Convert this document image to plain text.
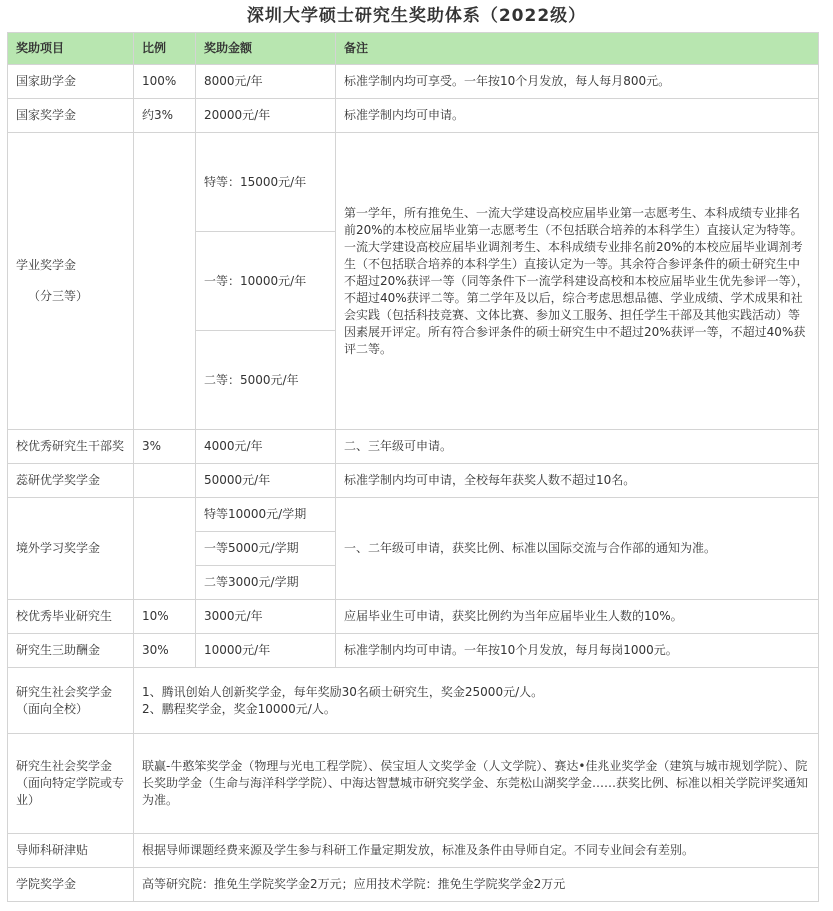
深圳大学硕士研究生奖助体系（2022级）
奖助项目	比例	奖助金额	备注
国家助学金	100%	8000元/年	标准学制内均可享受。一年按10个月发放，每人每月800元。
国家奖学金	约3%	20000元/年	标准学制内均可申请。

学业奖学金
（分三等）		特等：15000元/年	第一学年，所有推免生、一流大学建设高校应届毕业第一志愿考生、本科成绩专业排名前20%的本校应届毕业第一志愿考生（不包括联合培养的本科学生）直接认定为特等。一流大学建设高校应届毕业调剂考生、本科成绩专业排名前20%的本校应届毕业调剂考生（不包括联合培养的本科学生）直接认定为一等。其余符合参评条件的硕士研究生中不超过20%获评一等（同等条件下一流学科建设高校和本校应届毕业生优先参评一等），不超过40%获评二等。第二学年及以后，综合考虑思想品德、学业成绩、学术成果和社会实践（包括科技竞赛、文体比赛、参加义工服务、担任学生干部及其他实践活动）等因素展开评定。所有符合参评条件的硕士研究生中不超过20%获评一等，不超过40%获评二等。
		一等：10000元/年	
		二等：5000元/年	
校优秀研究生干部奖	3%	4000元/年	二、三年级可申请。
蕊研优学奖学金		50000元/年	标准学制内均可申请，全校每年获奖人数不超过10名。
境外学习奖学金		特等10000元/学期	一、二年级可申请，获奖比例、标准以国际交流与合作部的通知为准。
		一等5000元/学期	
		二等3000元/学期	
校优秀毕业研究生	10%	3000元/年	应届毕业生可申请，获奖比例约为当年应届毕业生人数的10%。
研究生三助酬金	30%	10000元/年	标准学制内均可申请。一年按10个月发放，每月每岗1000元。

研究生社会奖学金
（面向全校）	1、腾讯创始人创新奖学金，每年奖励30名硕士研究生，奖金25000元/人。
2、鹏程奖学金，奖金10000元/人。		

研究生社会奖学金
（面向特定学院或专业）	联赢-牛憨笨奖学金（物理与光电工程学院）、侯宝垣人文奖学金（人文学院）、赛达•佳兆业奖学金（建筑与城市规划学院）、院长奖助学金（生命与海洋科学学院）、中海达智慧城市研究奖学金、东莞松山湖奖学金……获奖比例、标准以相关学院评奖通知为准。		
导师科研津贴	根据导师课题经费来源及学生参与科研工作量定期发放，标准及条件由导师自定。不同专业间会有差别。		
学院奖学金	高等研究院：推免生学院奖学金2万元；应用技术学院：推免生学院奖学金2万元		
